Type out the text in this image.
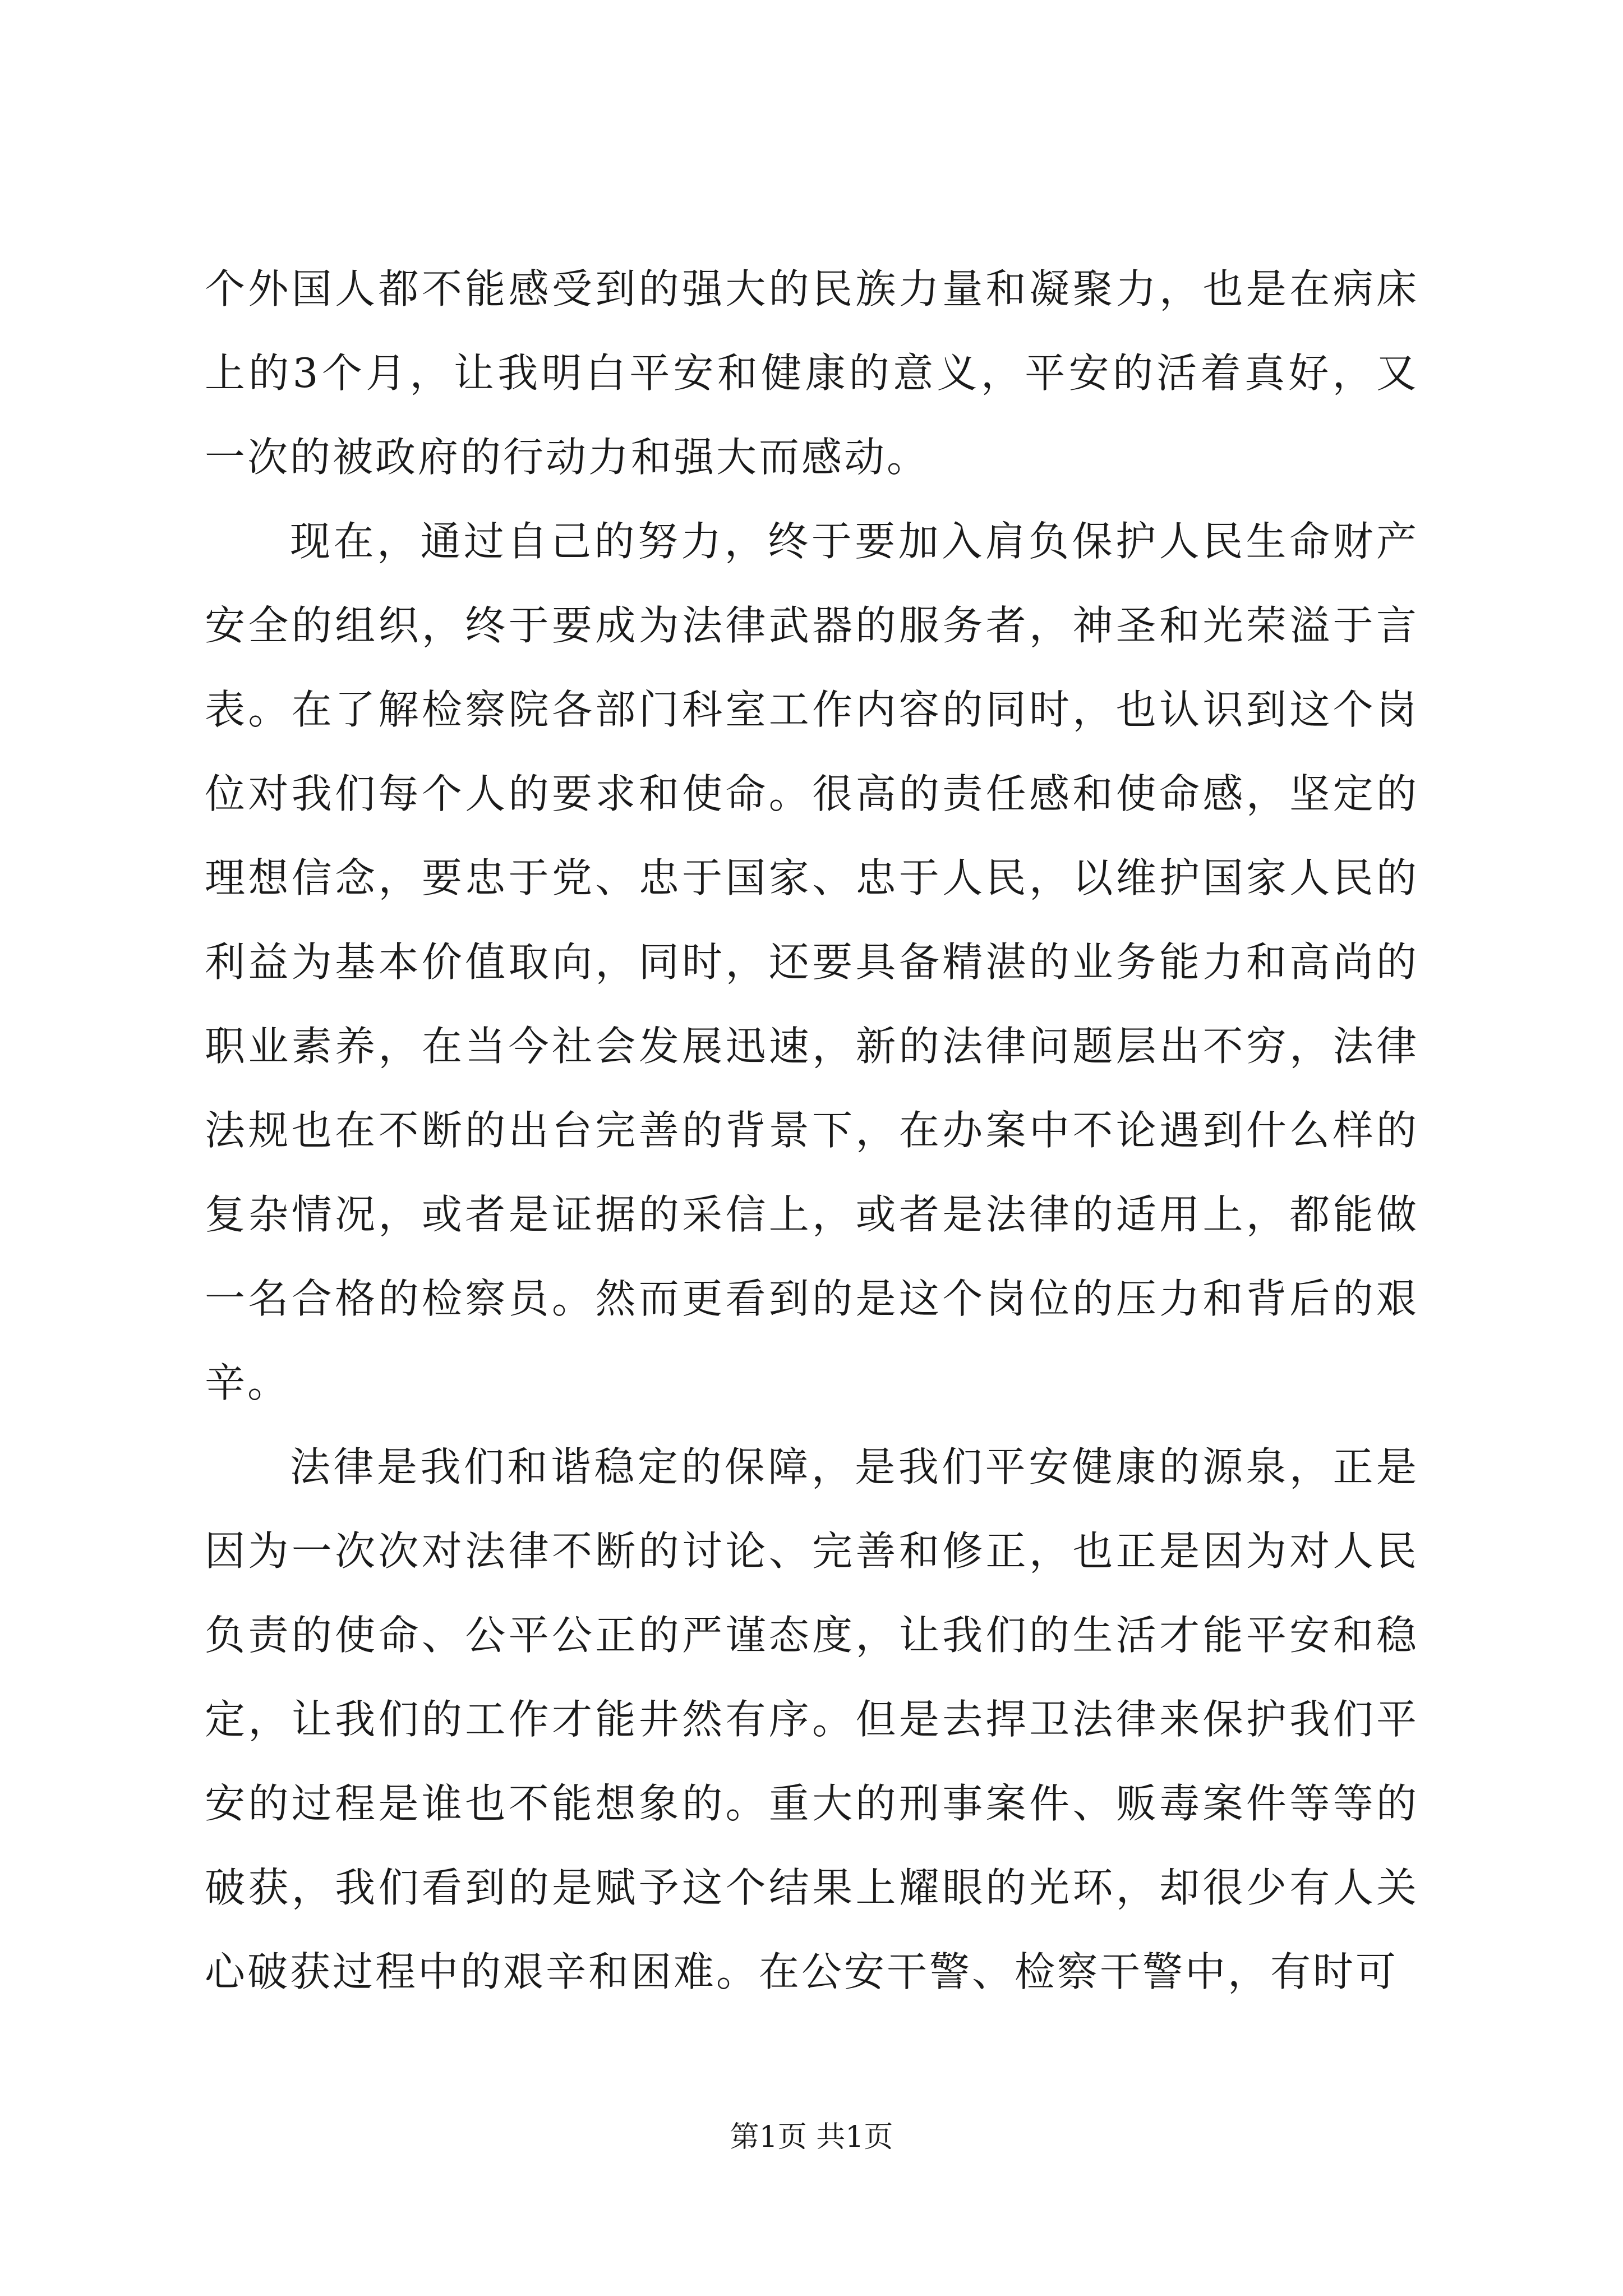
个外国人都不能感受到的强大的民族力量和凝聚力，也是在病床上的3个月，让我明白平安和健康的意义，平安的活着真好，又一次的被政府的行动力和强大而感动。

现在，通过自己的努力，终于要加入肩负保护人民生命财产安全的组织，终于要成为法律武器的服务者，神圣和光荣溢于言表。在了解检察院各部门科室工作内容的同时，也认识到这个岗位对我们每个人的要求和使命。很高的责任感和使命感，坚定的理想信念，要忠于党、忠于国家、忠于人民，以维护国家人民的利益为基本价值取向，同时，还要具备精湛的业务能力和高尚的职业素养，在当今社会发展迅速，新的法律问题层出不穷，法律法规也在不断的出台完善的背景下，在办案中不论遇到什么样的复杂情况，或者是证据的采信上，或者是法律的适用上，都能做一名合格的检察员。然而更看到的是这个岗位的压力和背后的艰辛。

法律是我们和谐稳定的保障，是我们平安健康的源泉，正是因为一次次对法律不断的讨论、完善和修正，也正是因为对人民负责的使命、公平公正的严谨态度，让我们的生活才能平安和稳定，让我们的工作才能井然有序。但是去捍卫法律来保护我们平安的过程是谁也不能想象的。重大的刑事案件、贩毒案件等等的破获，我们看到的是赋予这个结果上耀眼的光环，却很少有人关心破获过程中的艰辛和困难。在公安干警、检察干警中，有时可

第1页 共1页
